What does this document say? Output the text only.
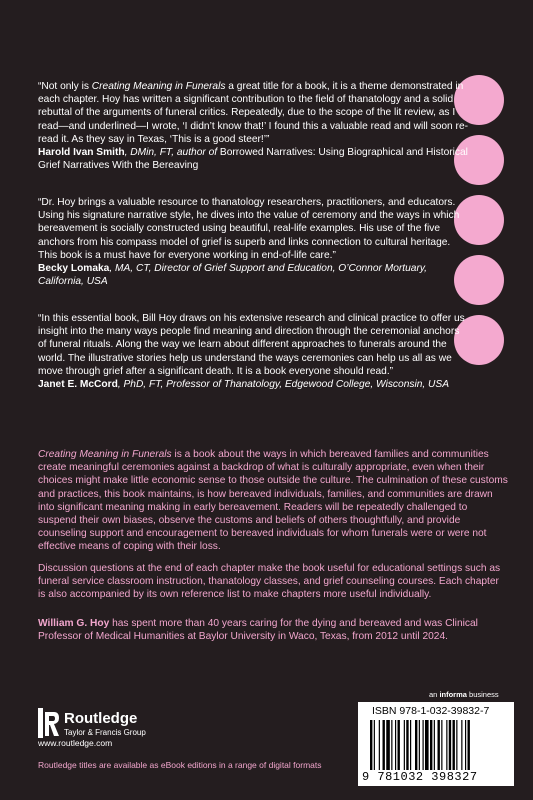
“Not only is Creating Meaning in Funerals a great title for a book, it is a theme demonstrated in each chapter. Hoy has written a significant contribution to the field of thanatology and a solid rebuttal of the arguments of funeral critics. Repeatedly, due to the scope of the lit review, as I read—and underlined—I wrote, ‘I didn’t know that!’ I found this a valuable read and will soon re-read it. As they say in Texas, ‘This is a good steer!’”

Harold Ivan Smith, DMin, FT, author of Borrowed Narratives: Using Biographical and Historical Grief Narratives With the Bereaving

“Dr. Hoy brings a valuable resource to thanatology researchers, practitioners, and educators. Using his signature narrative style, he dives into the value of ceremony and the ways in which bereavement is socially constructed using beautiful, real-life examples. His use of the five anchors from his compass model of grief is superb and links connection to cultural heritage. This book is a must have for everyone working in end-of-life care.”

Becky Lomaka, MA, CT, Director of Grief Support and Education, O’Connor Mortuary, California, USA

“In this essential book, Bill Hoy draws on his extensive research and clinical practice to offer us insight into the many ways people find meaning and direction through the ceremonial anchors of funeral rituals. Along the way we learn about different approaches to funerals around the world. The illustrative stories help us understand the ways ceremonies can help us all as we move through grief after a significant death. It is a book everyone should read.”

Janet E. McCord, PhD, FT, Professor of Thanatology, Edgewood College, Wisconsin, USA

Creating Meaning in Funerals is a book about the ways in which bereaved families and communities create meaningful ceremonies against a backdrop of what is culturally appropriate, even when their choices might make little economic sense to those outside the culture. The culmination of these customs and practices, this book maintains, is how bereaved individuals, families, and communities are drawn into significant meaning making in early bereavement. Readers will be repeatedly challenged to suspend their own biases, observe the customs and beliefs of others thoughtfully, and provide counseling support and encouragement to bereaved individuals for whom funerals were or were not effective means of coping with their loss.

Discussion questions at the end of each chapter make the book useful for educational settings such as funeral service classroom instruction, thanatology classes, and grief counseling courses. Each chapter is also accompanied by its own reference list to make chapters more useful individually.

William G. Hoy has spent more than 40 years caring for the dying and bereaved and was Clinical Professor of Medical Humanities at Baylor University in Waco, Texas, from 2012 until 2024.

Routledge
Taylor & Francis Group
www.routledge.com
Routledge titles are available as eBook editions in a range of digital formats
an informa business
ISBN 978-1-032-39832-7
9 781032 398327
